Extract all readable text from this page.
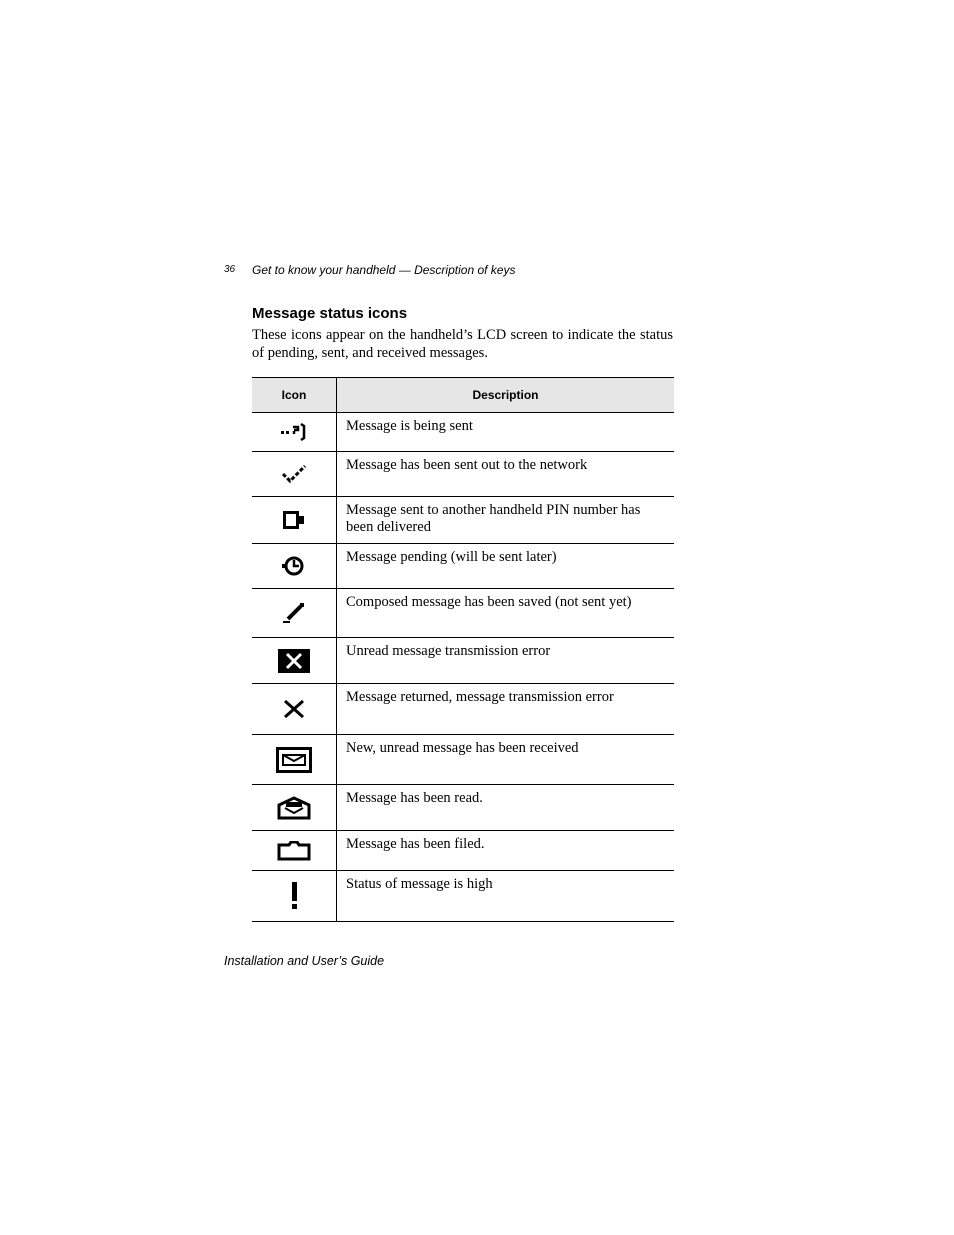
36 Get to know your handheld — Description of keys
Message status icons
These icons appear on the handheld’s LCD screen to indicate the status of pending, sent, and received messages.
Icon	Description

	Message is being sent

	Message has been sent out to the network

	Message sent to another handheld PIN number has been delivered

	Message pending (will be sent later)

	Composed message has been saved (not sent yet)

	Unread message transmission error

	Message returned, message transmission error

	New, unread message has been received

	Message has been read.

	Message has been filed.

	Status of message is high
Installation and User’s Guide
